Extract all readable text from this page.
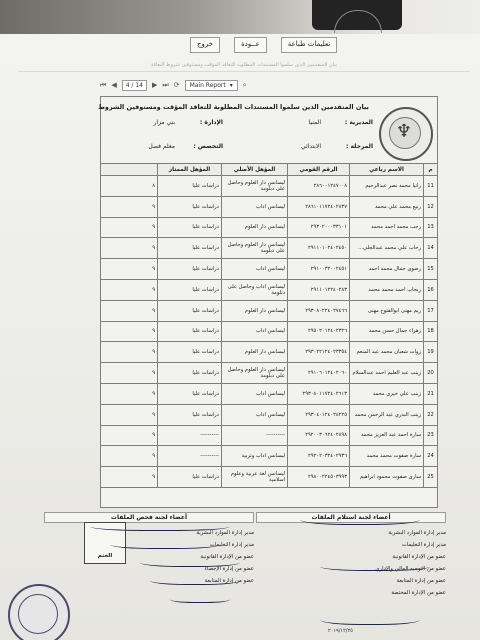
تعليمات طباعة
عــودة
خروج
بيان المتقدمين الذين سلموا المستندات المطلوبة للتعاقد المؤقت ومستوفين شروط التعاقد
⏮ ◀	4 / 14	▶ ⏭ ⟳ Main Report ▾ ⌕
بيان المتقدمين الذين سلموا المستندات المطلوبة للتعاقد المؤقت ومستوفين الشروط
المديرية :
المنيا
الإدارة :
بني مزار
المرحلة :
الابتدائي
التخصص :
معلم فصل
♆
م	الاسم رباعي	الرقم القومي	المؤهل الأصلي	المؤهل الممتاز	
11	رانيا محمد نصر عبدالرحيم	٢٨٦٠٠١٢٤٧٠٠٨	ليسانس دار العلوم وحاصل على دبلومة	دراسات عليا	٨
12	ربيع محمد علي محمد	٢٨٦١٠١١٧٢٤٠٢٨٣٧	ليسانس اداب	دراسات عليا	٩
13	رجب محمد احمد محمد	٢٩٣٠٢٠٠٠٣٣١٠١	ليسانس دار العلوم	دراسات عليا	٩
14	رحاب علي محمد عبدالجلي...	٢٩١١٠١٠٢٤٠٢٤٥٠	ليسانس دار العلوم وحاصل على دبلومة	دراسات عليا	٩
15	رضوى جمال محمد احمد	٢٩١٠٠٣٢٠٠٢٤٥١	ليسانس اداب	دراسات عليا	٩
16	ريحاب احمد محمد محمد	٢٩١١٠١٢٢٤٠٢٨٣	ليسانس اداب وحاصل على دبلومة	دراسات عليا	٩
17	ريم مهنى ابوالفتوح مهنى	٢٩٣٠٨٠٢٢٤٠٢٧٤٦٦	ليسانس دار العلوم	دراسات عليا	٩
18	زهراء جمال حسن محمد	٢٩٥٠٢٠١٢٤٠٢٣٢٦	ليسانس اداب	دراسات عليا	٩
19	زوات شعبان محمد عبد المنعم	٢٩٣٠٢٢١٢٤٠٢٣٣٥٤	ليسانس دار العلوم	دراسات عليا	٩
20	زينب عبد العليم احمد عبدالسلام	٢٩١٠٦٠١٢٤٠٢٠٦٠	ليسانس دار العلوم وحاصل على دبلومة	دراسات عليا	٩
21	زينب علي خيري محمد	٢٩٣٠٨٠١١٧٢٤٠٢٦١٣	ليسانس اداب	دراسات عليا	٩
22	زينب البدري عبد الرحمن محمد	٢٩٣٠٤٠١٢٤٠٢٤٢٢٥	ليسانس اداب	دراسات عليا	٩
23	سارة احمد عبد العزيز محمد	٢٩٢٠٠٣٠٦٢٤٠٢٨٩٨	----------	----------	٩
24	سارة صفوت محمد محمد	٢٩٢٠٢٠٣٢٤٠٢٩٣٦	ليسانس اداب وتربية	----------	٩
25	سارى صفوت محمود ابراهيم	٢٩٨٠٠٢٢٤٥٠٣٩٩٣	ليسانس لغة عربية وعلوم اسلامية	دراسات عليا	٩
أعضاء لجنة استلام الملفات
مدير إدارة الموارد البشرية
مدير إدارة التعليمات
عضو من الإدارة القانونية
عضو من التوجيه المالي والإداري
عضو من إدارة المتابعة
عضو من الإدارة المختصة
أعضاء لجنة فحص الملفات
مدير إدارة الموارد البشرية
مدير إدارة التعليمات
عضو من الإدارة القانونية
عضو من إدارة الإحصاء
عضو من إدارة المتابعة
الختم
٢٠١٩/١٢/٢٥
